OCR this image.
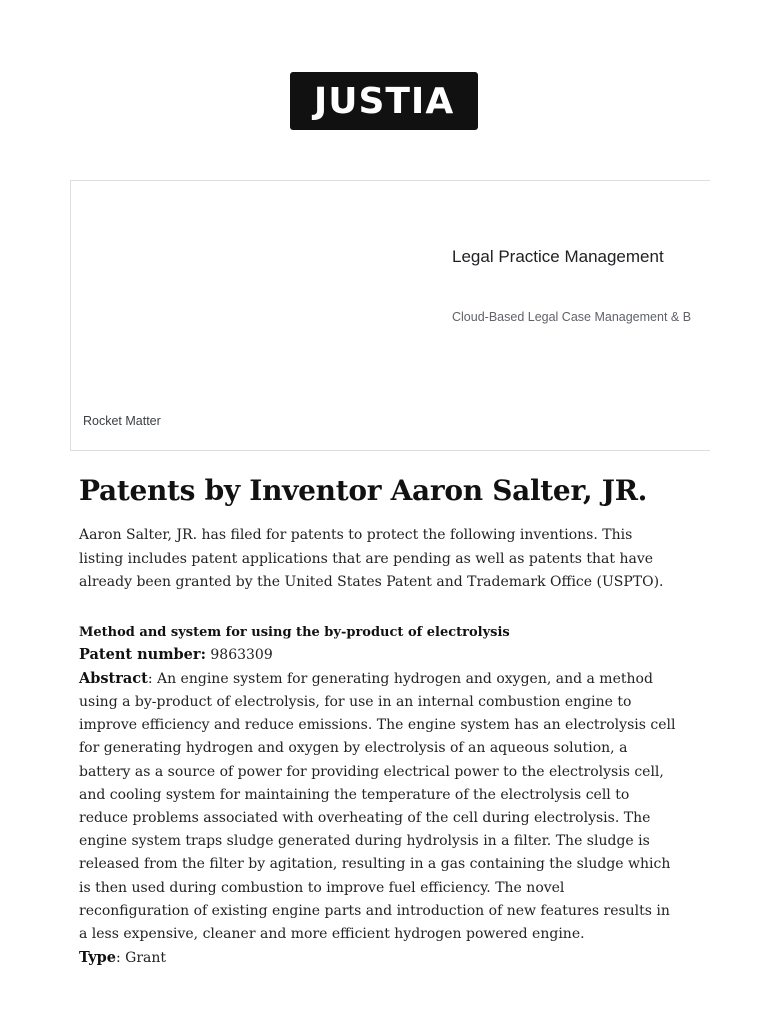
JUSTIA
Legal Practice Management
Cloud-Based Legal Case Management & B
Rocket Matter
Patents by Inventor Aaron Salter, JR.

Aaron Salter, JR. has filed for patents to protect the following inventions. This listing includes patent applications that are pending as well as patents that have already been granted by the United States Patent and Trademark Office (USPTO).

Method and system for using the by-product of electrolysis

Patent number: 9863309

Abstract: An engine system for generating hydrogen and oxygen, and a method using a by-product of electrolysis, for use in an internal combustion engine to improve efficiency and reduce emissions. The engine system has an electrolysis cell for generating hydrogen and oxygen by electrolysis of an aqueous solution, a battery as a source of power for providing electrical power to the electrolysis cell, and cooling system for maintaining the temperature of the electrolysis cell to reduce problems associated with overheating of the cell during electrolysis. The engine system traps sludge generated during hydrolysis in a filter. The sludge is released from the filter by agitation, resulting in a gas containing the sludge which is then used during combustion to improve fuel efficiency. The novel reconfiguration of existing engine parts and introduction of new features results in a less expensive, cleaner and more efficient hydrogen powered engine.

Type: Grant
